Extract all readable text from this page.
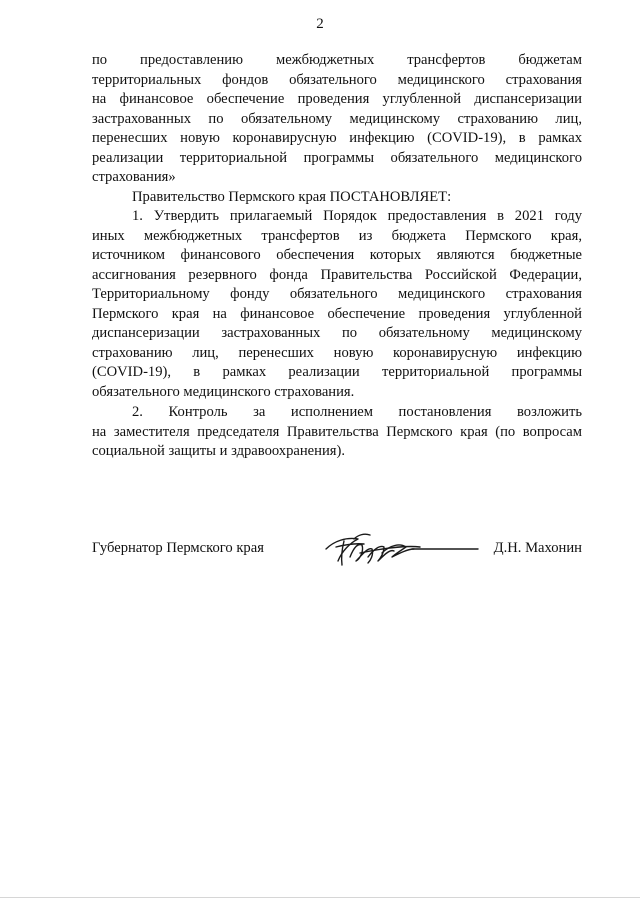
2
по предоставлению межбюджетных трансфертов бюджетам
территориальных фондов обязательного медицинского страхования
на финансовое обеспечение проведения углубленной диспансеризации
застрахованных по обязательному медицинскому страхованию лиц,
перенесших новую коронавирусную инфекцию (COVID-19), в рамках
реализации территориальной программы обязательного медицинского
страхования»
Правительство Пермского края ПОСТАНОВЛЯЕТ:
1. Утвердить прилагаемый Порядок предоставления в 2021 году
иных межбюджетных трансфертов из бюджета Пермского края,
источником финансового обеспечения которых являются бюджетные
ассигнования резервного фонда Правительства Российской Федерации,
Территориальному фонду обязательного медицинского страхования
Пермского края на финансовое обеспечение проведения углубленной
диспансеризации застрахованных по обязательному медицинскому
страхованию лиц, перенесших новую коронавирусную инфекцию
(COVID-19), в рамках реализации территориальной программы
обязательного медицинского страхования.
2. Контроль за исполнением постановления возложить
на заместителя председателя Правительства Пермского края (по вопросам
социальной защиты и здравоохранения).
Губернатор Пермского края	Д.Н. Махонин
